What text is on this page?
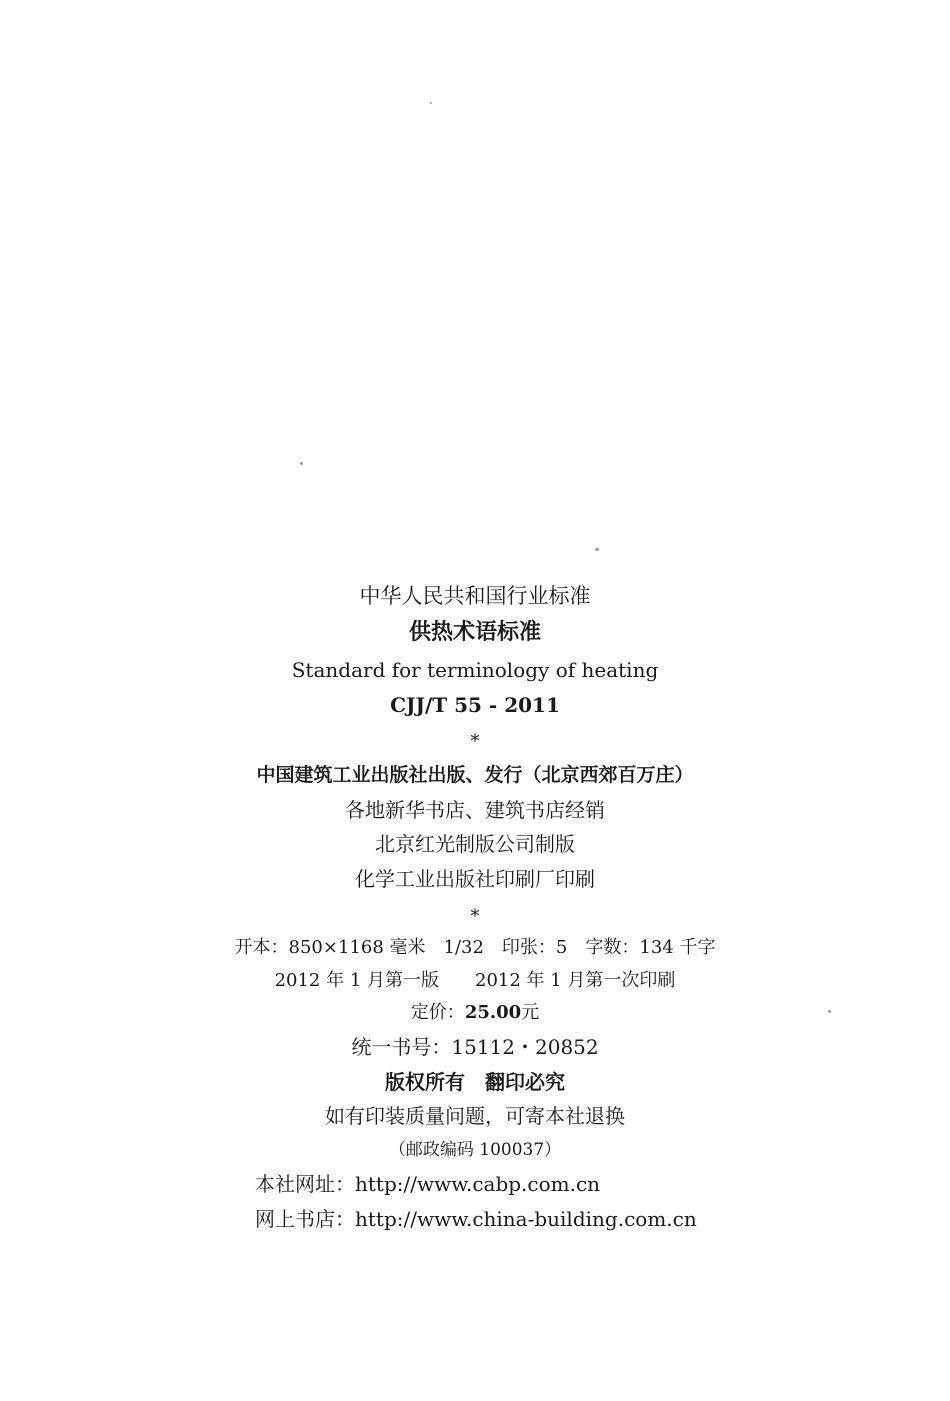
中华人民共和国行业标准
供热术语标准
Standard for terminology of heating
CJJ/T 55 - 2011
*
中国建筑工业出版社出版、发行（北京西郊百万庄）
各地新华书店、建筑书店经销
北京红光制版公司制版
化学工业出版社印刷厂印刷
*
开本：850×1168 毫米　1/32　印张：5　字数：134 千字
2012 年 1 月第一版　　2012 年 1 月第一次印刷
定价：25.00元
统一书号：15112・20852
版权所有　翻印必究
如有印装质量问题，可寄本社退换
（邮政编码 100037）
本社网址：http://www.cabp.com.cn
网上书店：http://www.china-building.com.cn
